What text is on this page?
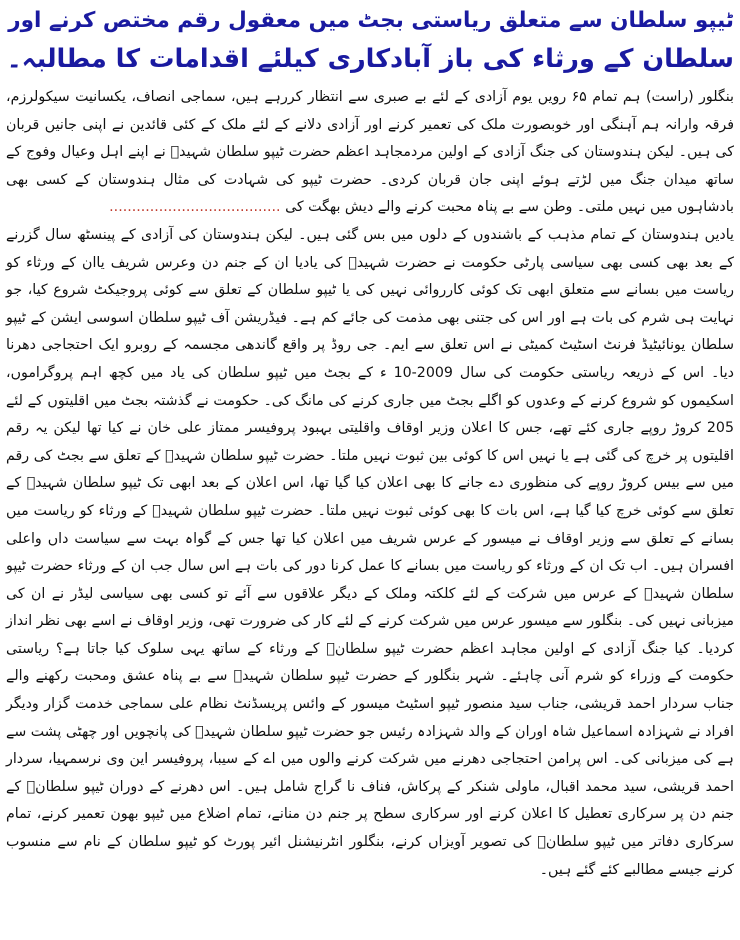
ٹیپو سلطان سے متعلق ریاستی بجٹ میں معقول رقم مختص کرنے اور
سلطان کے ورثاء کی باز آبادکاری کیلئے اقدامات کا مطالبہ۔

بنگلور (راست) ہم تمام ۶۵ رویں یوم آزادی کے لئے بے صبری سے انتظار کررہے ہیں، سماجی انصاف، یکسانیت سیکولرزم، فرقہ وارانہ ہم آہنگی اور خوبصورت ملک کی تعمیر کرنے اور آزادی دلانے کے لئے ملک کے کئی قائدین نے اپنی جانیں قربان کی ہیں۔ لیکن ہندوستان کی جنگ آزادی کے اولین مردمجاہد اعظم حضرت ٹیپو سلطان شہیدؒ نے اپنے اہل وعیال وفوج کے ساتھ میدان جنگ میں لڑتے ہوئے اپنی جان قربان کردی۔ حضرت ٹیپو کی شہادت کی مثال ہندوستان کے کسی بھی بادشاہوں میں نہیں ملتی۔ وطن سے بے پناہ محبت کرنے والے دیش بھگت کی ......................................

یادیں ہندوستان کے تمام مذہب کے باشندوں کے دلوں میں بس گئی ہیں۔ لیکن ہندوستان کی آزادی کے پینسٹھ سال گزرنے کے بعد بھی کسی بھی سیاسی پارٹی حکومت نے حضرت شہیدؒ کی یادیا ان کے جنم دن وعرس شریف یاان کے ورثاء کو ریاست میں بسانے سے متعلق ابھی تک کوئی کارروائی نہیں کی یا ٹیپو سلطان کے تعلق سے کوئی پروجیکٹ شروع کیا، جو نہایت ہی شرم کی بات ہے اور اس کی جتنی بھی مذمت کی جائے کم ہے۔ فیڈریشن آف ٹیپو سلطان اسوسی ایشن کے ٹیپو سلطان یونائیٹیڈ فرنٹ اسٹیٹ کمیٹی نے اس تعلق سے ایم۔ جی روڈ پر واقع گاندھی مجسمہ کے روبرو ایک احتجاجی دھرنا دیا۔ اس کے ذریعہ ریاستی حکومت کی سال 2009-10 ء کے بجٹ میں ٹیپو سلطان کی یاد میں کچھ اہم پروگراموں، اسکیموں کو شروع کرنے کے وعدوں کو اگلے بجٹ میں جاری کرنے کی مانگ کی۔ حکومت نے گذشتہ بجٹ میں اقلیتوں کے لئے 205 کروڑ روپے جاری کئے تھے، جس کا اعلان وزیر اوقاف واقلیتی بہبود پروفیسر ممتاز علی خان نے کیا تھا لیکن یہ رقم اقلیتوں پر خرچ کی گئی ہے یا نہیں اس کا کوئی بین ثبوت نہیں ملتا۔ حضرت ٹیپو سلطان شہیدؒ کے تعلق سے بجٹ کی رقم میں سے بیس کروڑ روپے کی منظوری دے جانے کا بھی اعلان کیا گیا تھا، اس اعلان کے بعد ابھی تک ٹیپو سلطان شہیدؒ کے تعلق سے کوئی خرچ کیا گیا ہے، اس بات کا بھی کوئی ثبوت نہیں ملتا۔ حضرت ٹیپو سلطان شہیدؒ کے ورثاء کو ریاست میں بسانے کے تعلق سے وزیر اوقاف نے میسور کے عرس شریف میں اعلان کیا تھا جس کے گواہ بہت سے سیاست داں واعلی افسران ہیں۔ اب تک ان کے ورثاء کو ریاست میں بسانے کا عمل کرنا دور کی بات ہے اس سال جب ان کے ورثاء حضرت ٹیپو سلطان شہیدؒ کے عرس میں شرکت کے لئے کلکتہ وملک کے دیگر علاقوں سے آئے تو کسی بھی سیاسی لیڈر نے ان کی میزبانی نہیں کی۔ بنگلور سے میسور عرس میں شرکت کرنے کے لئے کار کی ضرورت تھی، وزیر اوقاف نے اسے بھی نظر انداز کردیا۔ کیا جنگ آزادی کے اولین مجاہد اعظم حضرت ٹیپو سلطانؒ کے ورثاء کے ساتھ یہی سلوک کیا جاتا ہے؟ ریاستی حکومت کے وزراء کو شرم آنی چاہئے۔ شہر بنگلور کے حضرت ٹیپو سلطان شہیدؒ سے بے پناہ عشق ومحبت رکھنے والے جناب سردار احمد قریشی، جناب سید منصور ٹیپو اسٹیٹ میسور کے وائس پریسڈنٹ نظام علی سماجی خدمت گزار ودیگر افراد نے شہزادہ اسماعیل شاہ اوران کے والد شہزادہ رئیس جو حضرت ٹیپو سلطان شہیدؒ کی پانچویں اور چھٹی پشت سے ہے کی میزبانی کی۔ اس پرامن احتجاجی دھرنے میں شرکت کرنے والوں میں اے کے سیبا، پروفیسر این وی نرسمہیا، سردار احمد قریشی، سید محمد اقبال، ماولی شنکر کے پرکاش، فناف نا گراج شامل ہیں۔ اس دھرنے کے دوران ٹیپو سلطانؒ کے جنم دن پر سرکاری تعطیل کا اعلان کرنے اور سرکاری سطح پر جنم دن منانے، تمام اضلاع میں ٹیپو بھون تعمیر کرنے، تمام سرکاری دفاتر میں ٹیپو سلطانؒ کی تصویر آویزاں کرنے، بنگلور انٹرنیشنل ائیر پورٹ کو ٹیپو سلطان کے نام سے منسوب کرنے جیسے مطالبے کئے گئے ہیں۔
